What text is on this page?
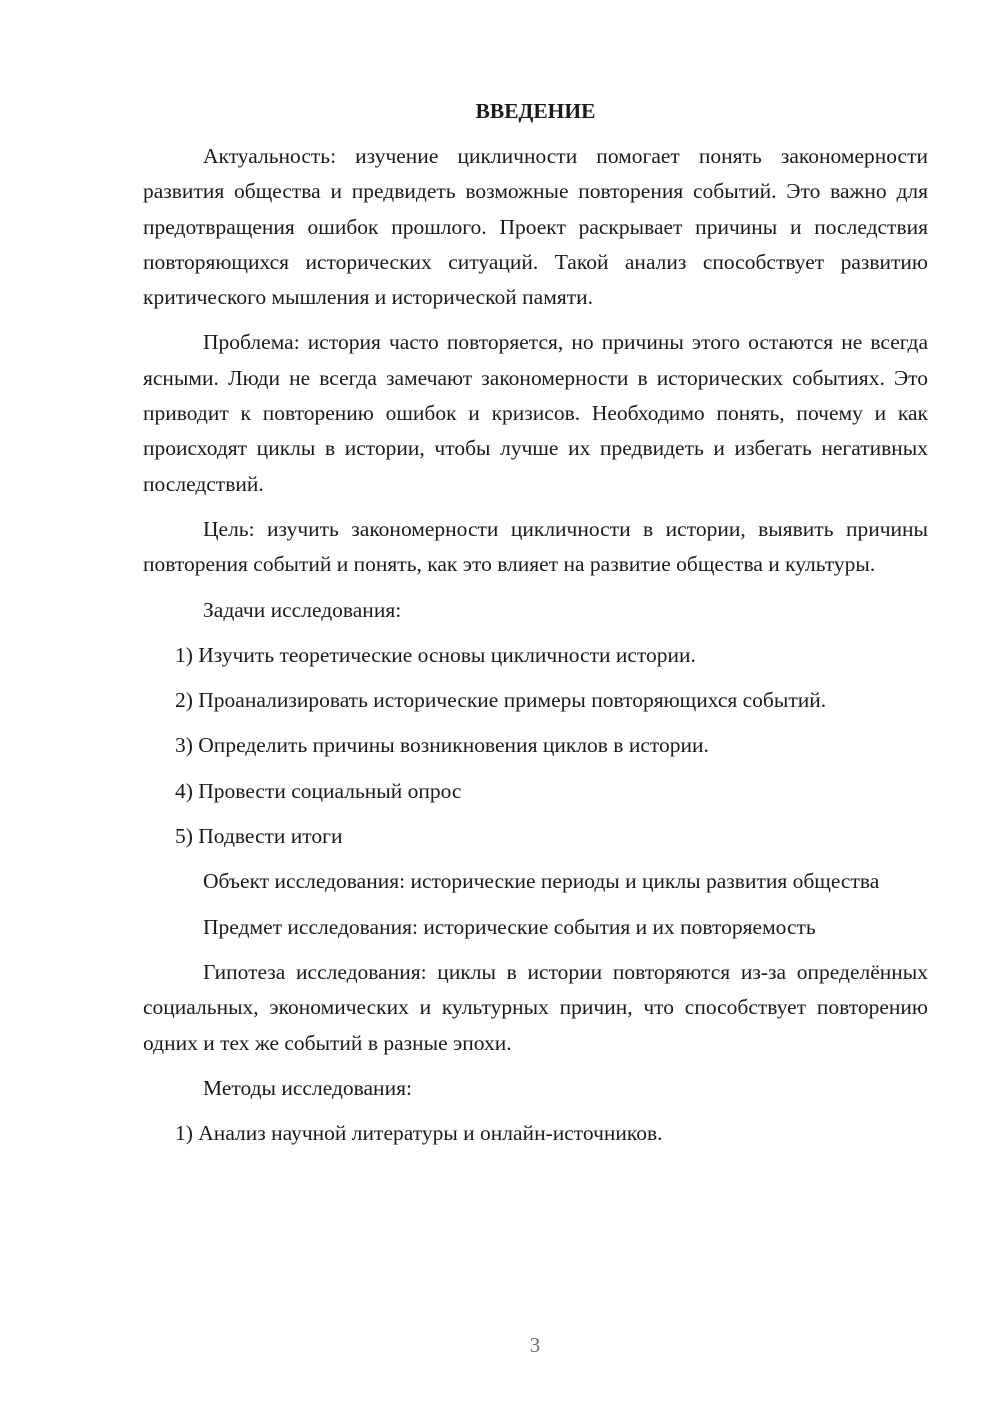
ВВЕДЕНИЕ

Актуальность: изучение цикличности помогает понять закономерности развития общества и предвидеть возможные повторения событий. Это важно для предотвращения ошибок прошлого. Проект раскрывает причины и последствия повторяющихся исторических ситуаций. Такой анализ способствует развитию критического мышления и исторической памяти.

Проблема: история часто повторяется, но причины этого остаются не всегда ясными. Люди не всегда замечают закономерности в исторических событиях. Это приводит к повторению ошибок и кризисов. Необходимо понять, почему и как происходят циклы в истории, чтобы лучше их предвидеть и избегать негативных последствий.

Цель: изучить закономерности цикличности в истории, выявить причины повторения событий и понять, как это влияет на развитие общества и культуры.

Задачи исследования:

1) Изучить теоретические основы цикличности истории.

2) Проанализировать исторические примеры повторяющихся событий.

3) Определить причины возникновения циклов в истории.

4) Провести социальный опрос

5) Подвести итоги

Объект исследования: исторические периоды и циклы развития общества

Предмет исследования: исторические события и их повторяемость

Гипотеза исследования: циклы в истории повторяются из-за определённых социальных, экономических и культурных причин, что способствует повторению одних и тех же событий в разные эпохи.

Методы исследования:

1) Анализ научной литературы и онлайн-источников.

3
